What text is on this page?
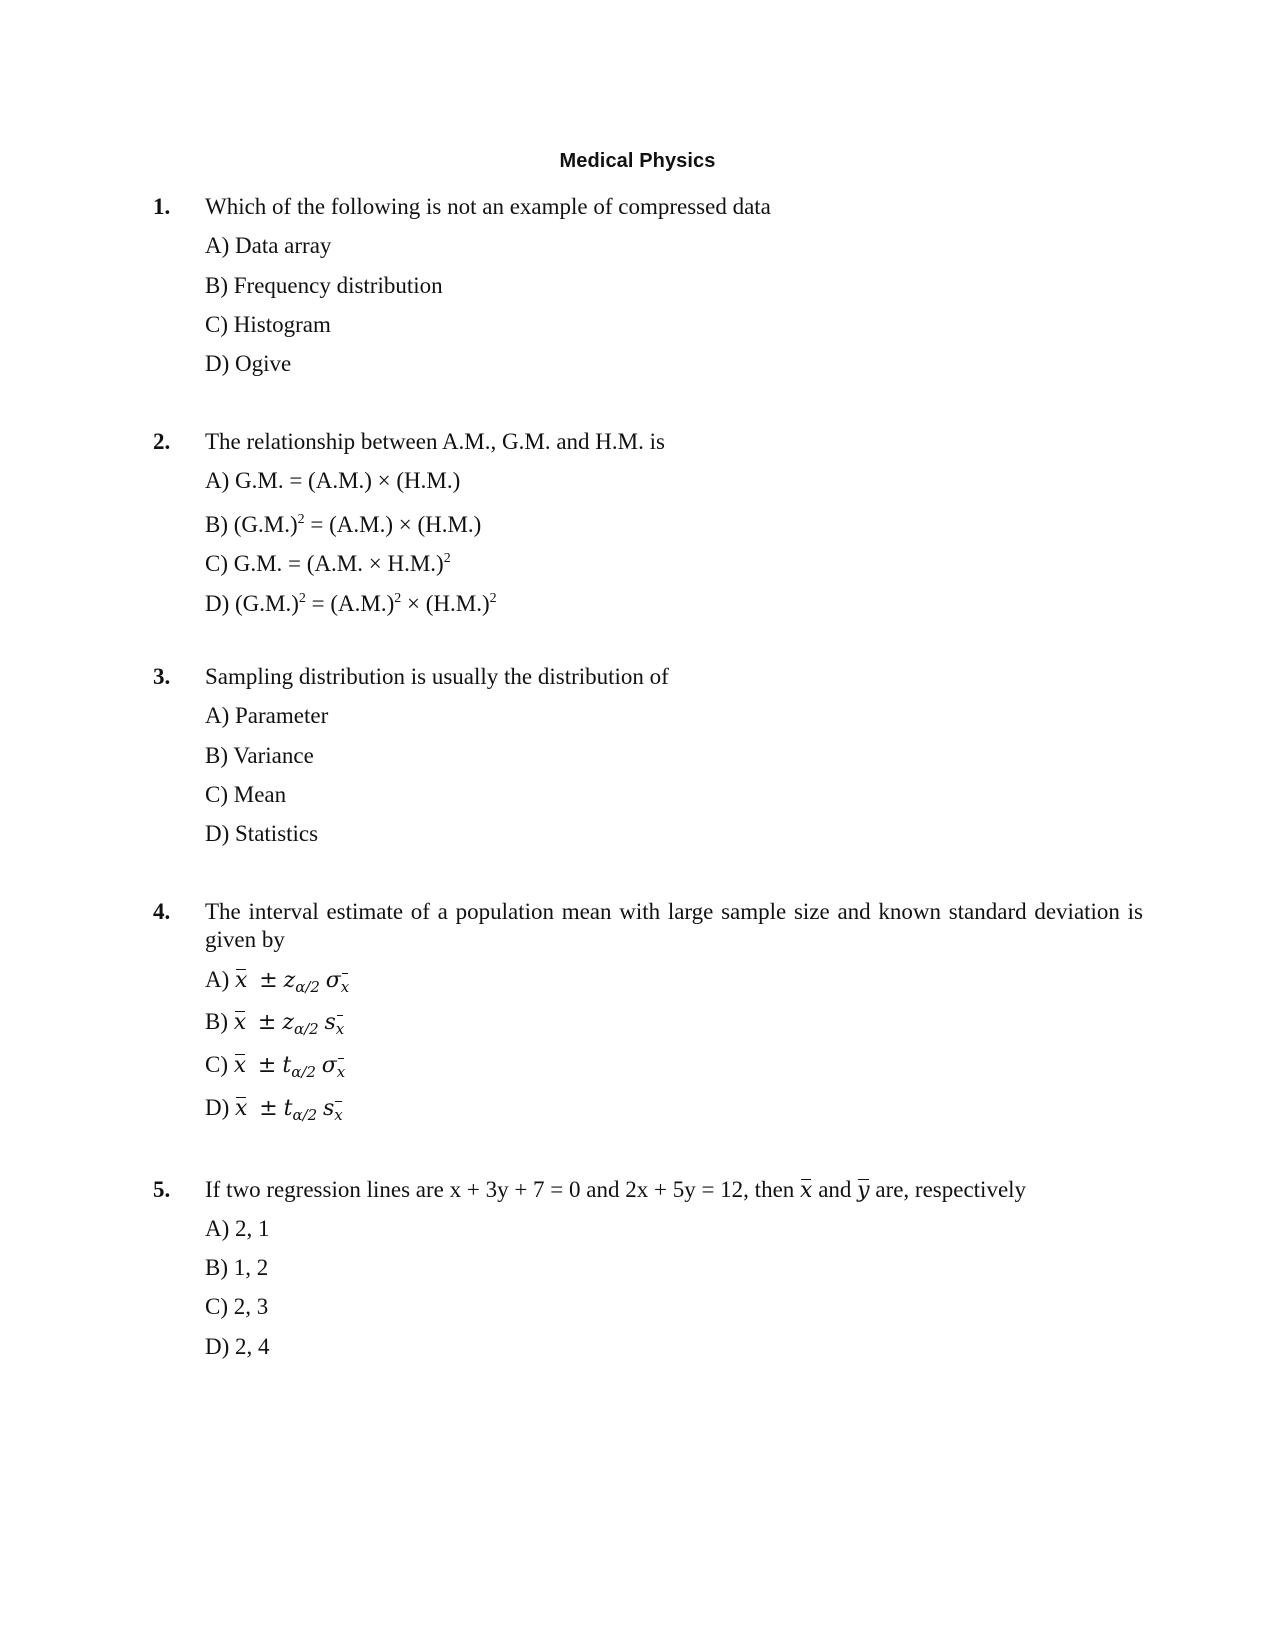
Medical Physics
1. Which of the following is not an example of compressed data
A) Data array
B) Frequency distribution
C) Histogram
D) Ogive
2. The relationship between A.M., G.M. and H.M. is
A) G.M. = (A.M.) × (H.M.)
B) $(G.M.)^2 = (A.M.) \times (H.M.)$
C) G.M. = (A.M. × H.M.)$^2$
D) $(G.M.)^2 = (A.M.)^2 \times (H.M.)^2$
3. Sampling distribution is usually the distribution of
A) Parameter
B) Variance
C) Mean
D) Statistics
4. The interval estimate of a population mean with large sample size and known standard deviation is given by
A) $x \pm z_{\alpha/2}$ σx
B) $x \pm z_{\alpha/2}$ sx
C) $x \pm t_{\alpha/2}$ σx
D) $x \pm t_{\alpha/2}$ sx
5. If two regression lines are x + 3y + 7 = 0 and 2x + 5y = 12, then x and y are, respectively
A) 2, 1
B) 1, 2
C) 2, 3
D) 2, 4
